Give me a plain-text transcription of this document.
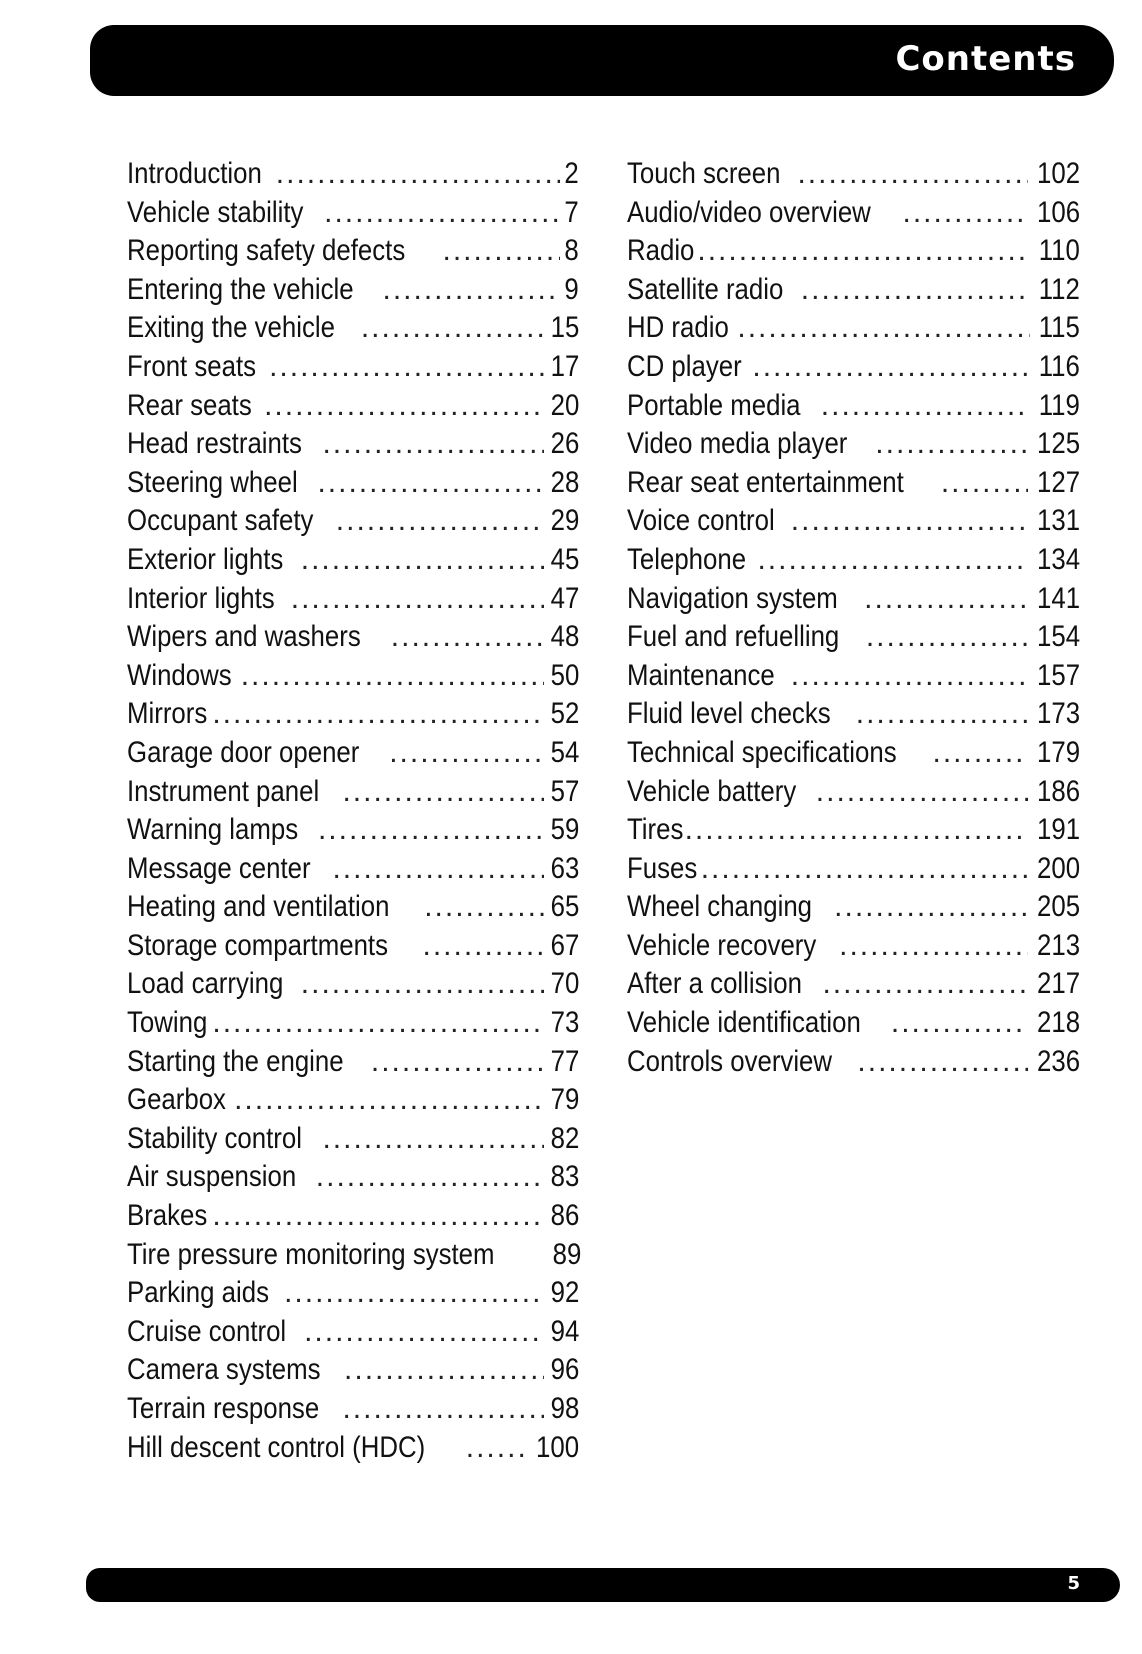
Contents
Introduction .....	2
Vehicle stability .....	7
Reporting safety defects .....	8
Entering the vehicle .....	9
Exiting the vehicle .....	15
Front seats .....	17
Rear seats .....	20
Head restraints .....	26
Steering wheel .....	28
Occupant safety .....	29
Exterior lights .....	45
Interior lights .....	47
Wipers and washers .....	48
Windows .....	50
Mirrors .....	52
Garage door opener .....	54
Instrument panel .....	57
Warning lamps .....	59
Message center .....	63
Heating and ventilation .....	65
Storage compartments .....	67
Load carrying .....	70
Towing .....	73
Starting the engine .....	77
Gearbox .....	79
Stability control .....	82
Air suspension .....	83
Brakes .....	86
Tire pressure monitoring system 89
Parking aids .....	92
Cruise control .....	94
Camera systems .....	96
Terrain response .....	98
Hill descent control (HDC) .....	100
Touch screen .....	102
Audio/video overview .....	106
Radio .....	110
Satellite radio .....	112
HD radio .....	115
CD player .....	116
Portable media .....	119
Video media player .....	125
Rear seat entertainment .....	127
Voice control .....	131
Telephone .....	134
Navigation system .....	141
Fuel and refuelling .....	154
Maintenance .....	157
Fluid level checks .....	173
Technical specifications .....	179
Vehicle battery .....	186
Tires .....	191
Fuses .....	200
Wheel changing .....	205
Vehicle recovery .....	213
After a collision .....	217
Vehicle identification .....	218
Controls overview .....	236
5
